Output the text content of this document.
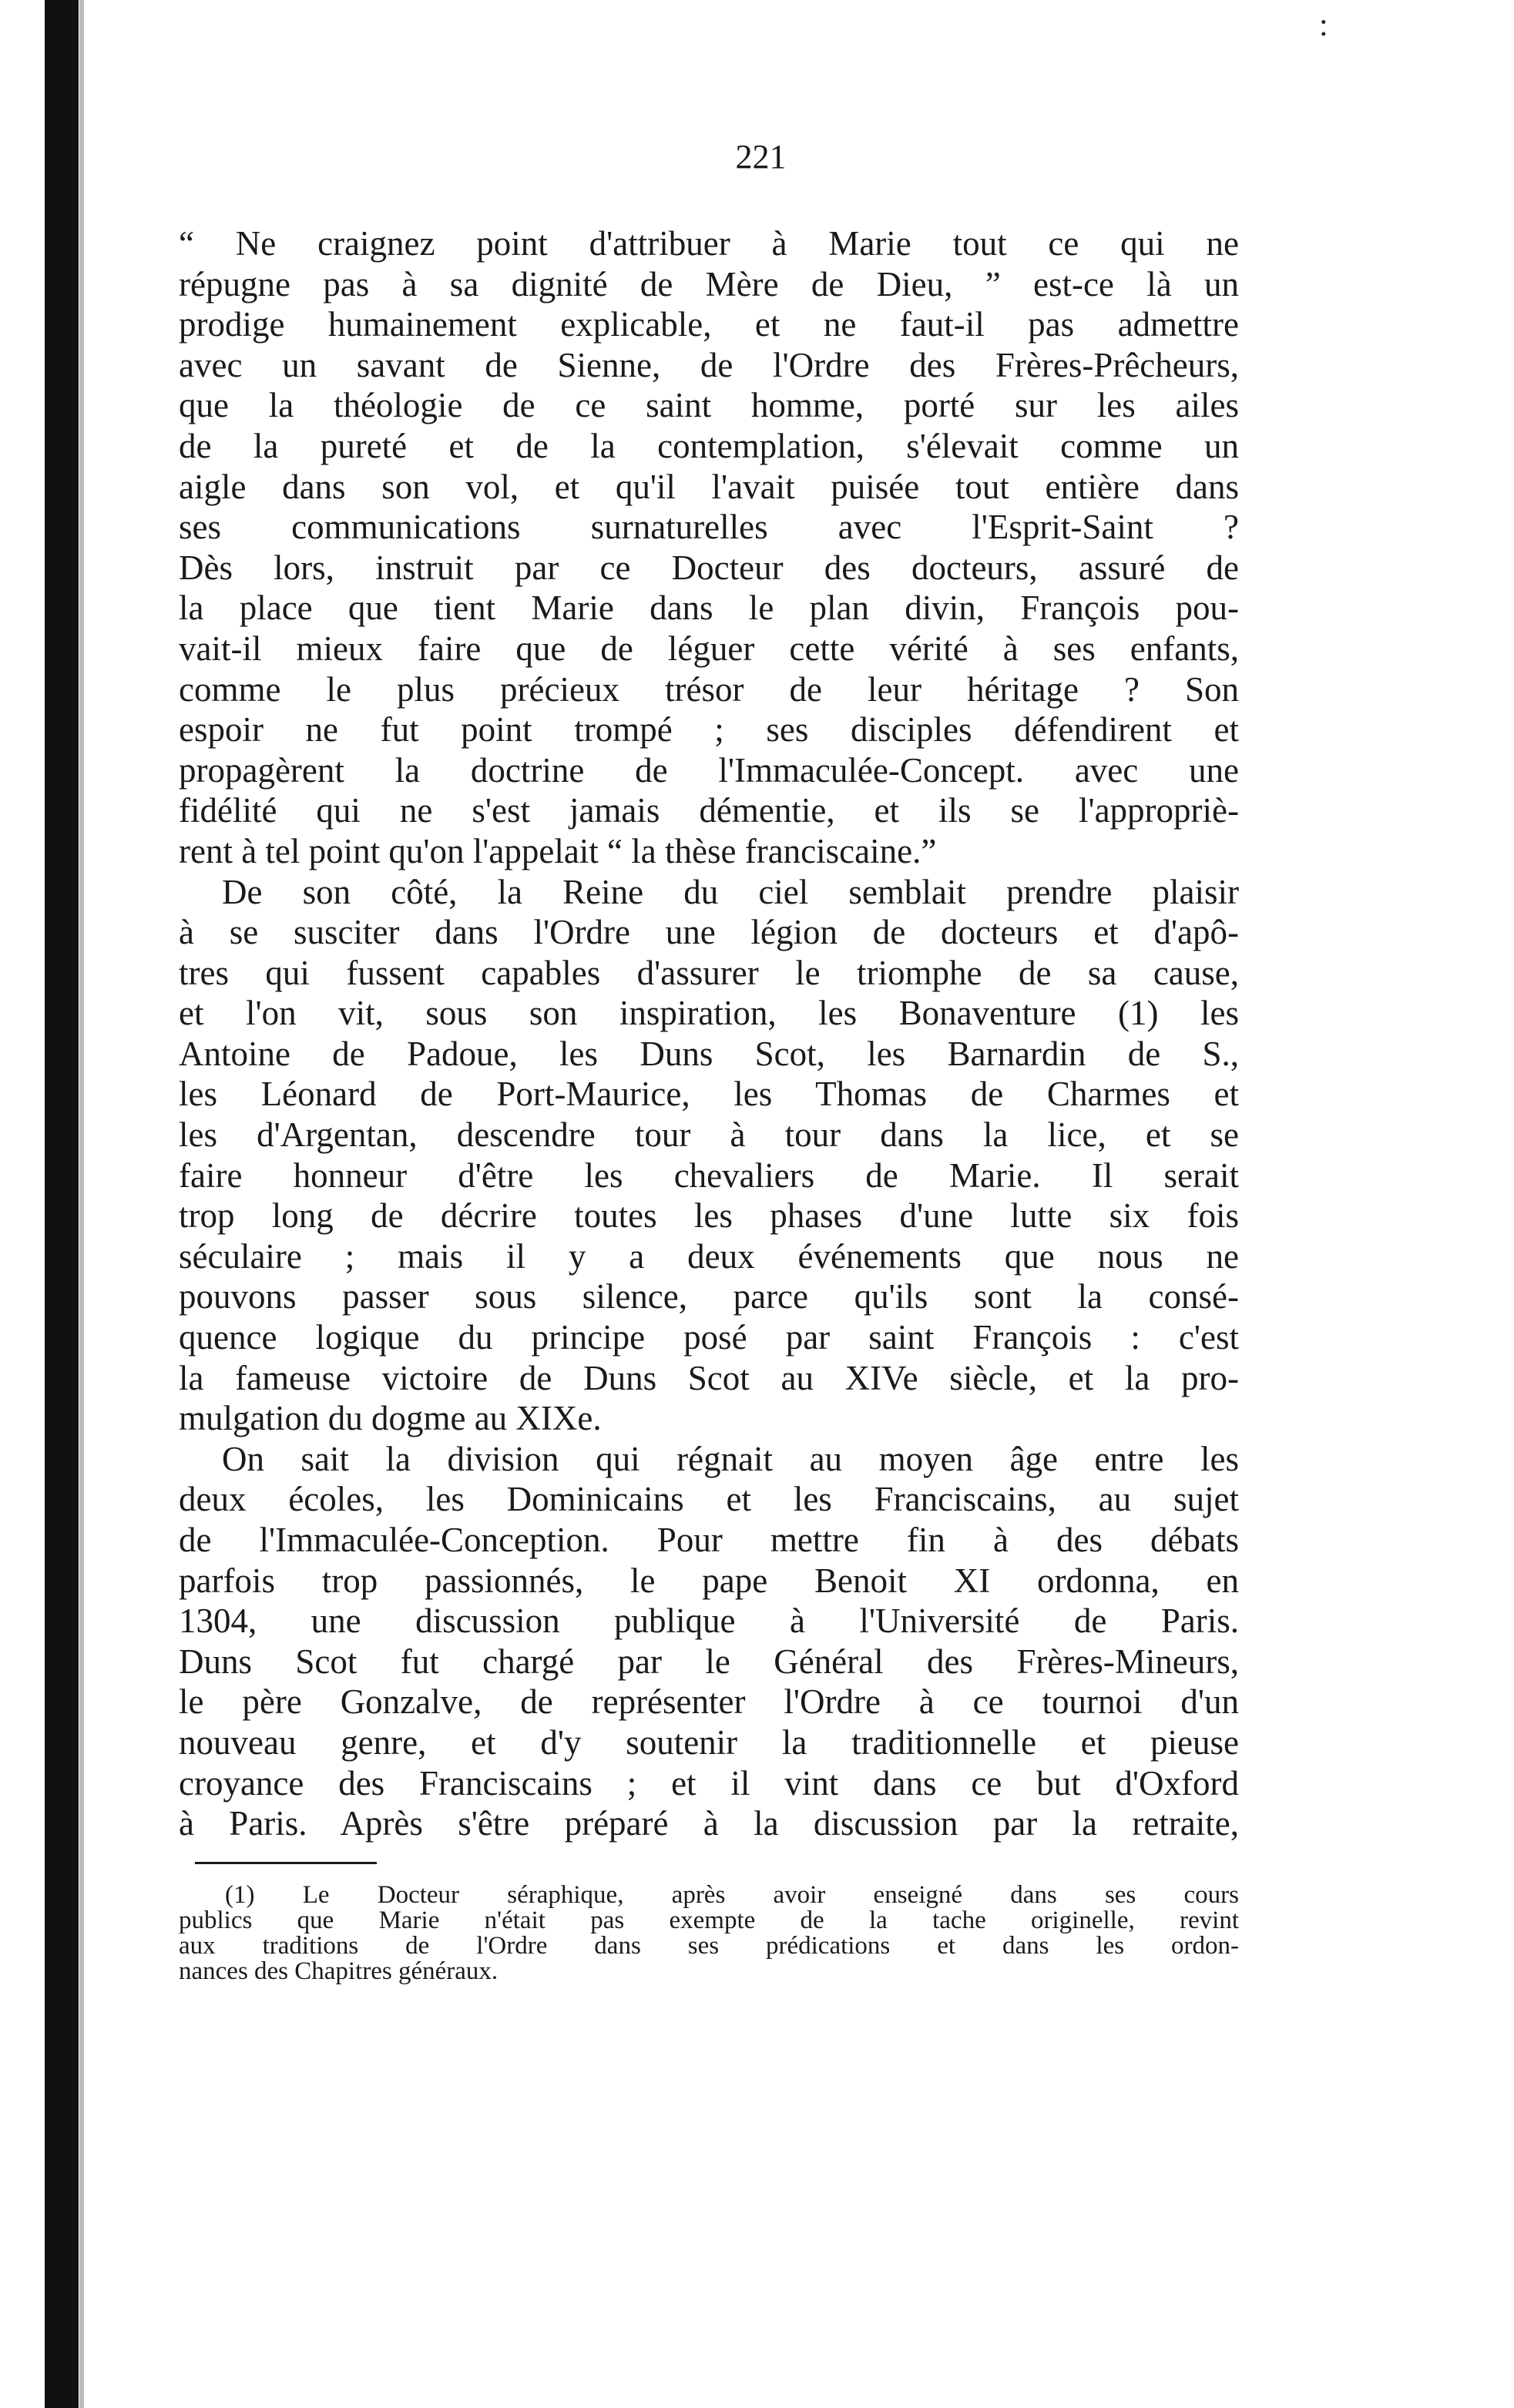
:
221
“ Ne craignez point d'attribuer à Marie tout ce qui ne
répugne pas à sa dignité de Mère de Dieu, ” est-ce là un
prodige humainement explicable, et ne faut-il pas admettre
avec un savant de Sienne, de l'Ordre des Frères-Prêcheurs,
que la théologie de ce saint homme, porté sur les ailes
de la pureté et de la contemplation, s'élevait comme un
aigle dans son vol, et qu'il l'avait puisée tout entière dans
ses communications surnaturelles avec l'Esprit-Saint ?
Dès lors, instruit par ce Docteur des docteurs, assuré de
la place que tient Marie dans le plan divin, François pou-
vait-il mieux faire que de léguer cette vérité à ses enfants,
comme le plus précieux trésor de leur héritage ? Son
espoir ne fut point trompé ; ses disciples défendirent et
propagèrent la doctrine de l'Immaculée-Concept. avec une
fidélité qui ne s'est jamais démentie, et ils se l'appropriè-
rent à tel point qu'on l'appelait “ la thèse franciscaine.”
De son côté, la Reine du ciel semblait prendre plaisir
à se susciter dans l'Ordre une légion de docteurs et d'apô-
tres qui fussent capables d'assurer le triomphe de sa cause,
et l'on vit, sous son inspiration, les Bonaventure (1) les
Antoine de Padoue, les Duns Scot, les Barnardin de S.,
les Léonard de Port-Maurice, les Thomas de Charmes et
les d'Argentan, descendre tour à tour dans la lice, et se
faire honneur d'être les chevaliers de Marie. Il serait
trop long de décrire toutes les phases d'une lutte six fois
séculaire ; mais il y a deux événements que nous ne
pouvons passer sous silence, parce qu'ils sont la consé-
quence logique du principe posé par saint François : c'est
la fameuse victoire de Duns Scot au XIVe siècle, et la pro-
mulgation du dogme au XIXe.
On sait la division qui régnait au moyen âge entre les
deux écoles, les Dominicains et les Franciscains, au sujet
de l'Immaculée-Conception. Pour mettre fin à des débats
parfois trop passionnés, le pape Benoit XI ordonna, en
1304, une discussion publique à l'Université de Paris.
Duns Scot fut chargé par le Général des Frères-Mineurs,
le père Gonzalve, de représenter l'Ordre à ce tournoi d'un
nouveau genre, et d'y soutenir la traditionnelle et pieuse
croyance des Franciscains ; et il vint dans ce but d'Oxford
à Paris. Après s'être préparé à la discussion par la retraite,
(1) Le Docteur séraphique, après avoir enseigné dans ses cours
publics que Marie n'était pas exempte de la tache originelle, revint
aux traditions de l'Ordre dans ses prédications et dans les ordon-
nances des Chapitres généraux.
